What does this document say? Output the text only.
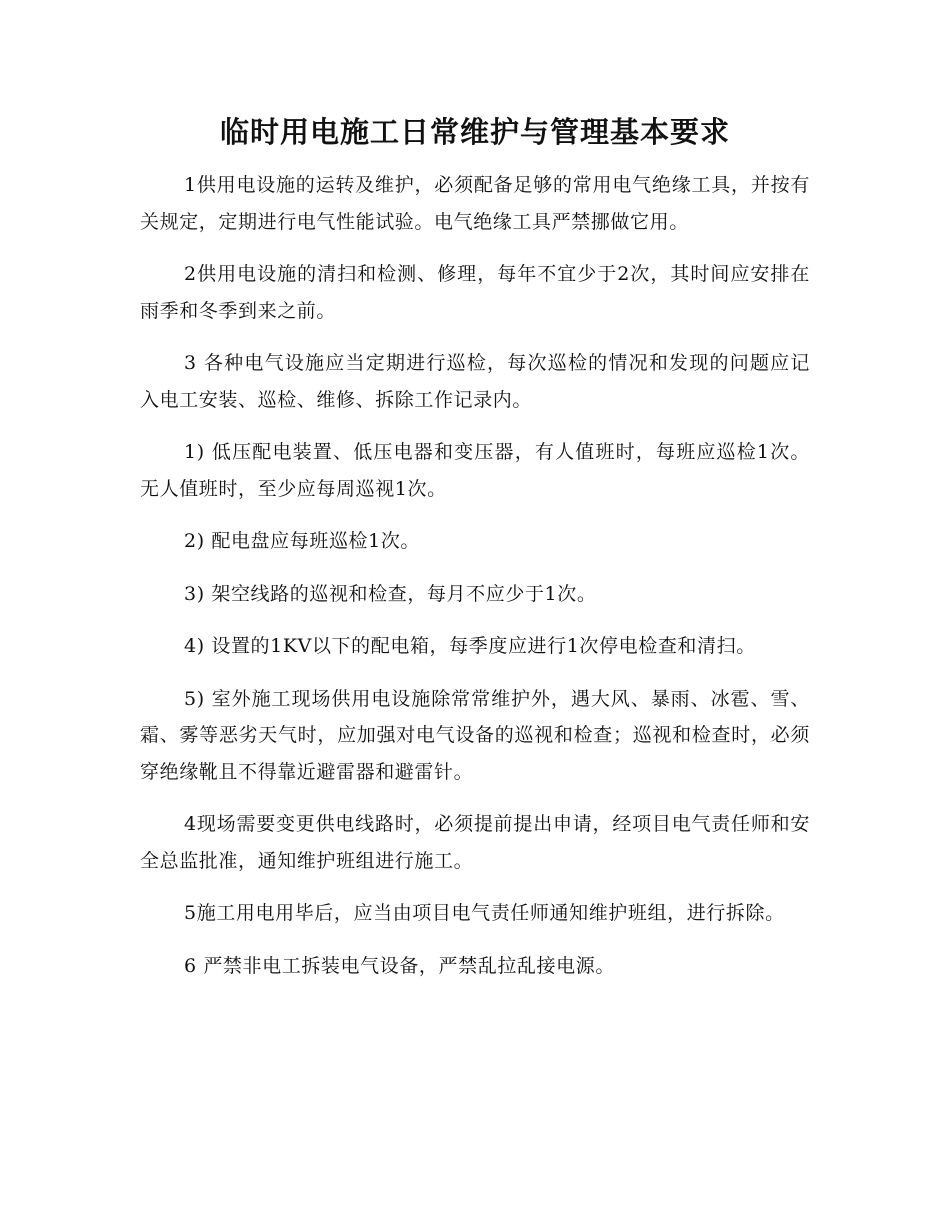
临时用电施工日常维护与管理基本要求

1供用电设施的运转及维护，必须配备足够的常用电气绝缘工具，并按有关规定，定期进行电气性能试验。电气绝缘工具严禁挪做它用。

2供用电设施的清扫和检测、修理，每年不宜少于2次，其时间应安排在雨季和冬季到来之前。

3 各种电气设施应当定期进行巡检，每次巡检的情况和发现的问题应记入电工安装、巡检、维修、拆除工作记录内。

1) 低压配电装置、低压电器和变压器，有人值班时，每班应巡检1次。无人值班时，至少应每周巡视1次。

2) 配电盘应每班巡检1次。

3) 架空线路的巡视和检查，每月不应少于1次。

4) 设置的1KV以下的配电箱，每季度应进行1次停电检查和清扫。

5) 室外施工现场供用电设施除常常维护外，遇大风、暴雨、冰雹、雪、霜、雾等恶劣天气时，应加强对电气设备的巡视和检查；巡视和检查时，必须穿绝缘靴且不得靠近避雷器和避雷针。

4现场需要变更供电线路时，必须提前提出申请，经项目电气责任师和安全总监批准，通知维护班组进行施工。

5施工用电用毕后，应当由项目电气责任师通知维护班组，进行拆除。

6 严禁非电工拆装电气设备，严禁乱拉乱接电源。
